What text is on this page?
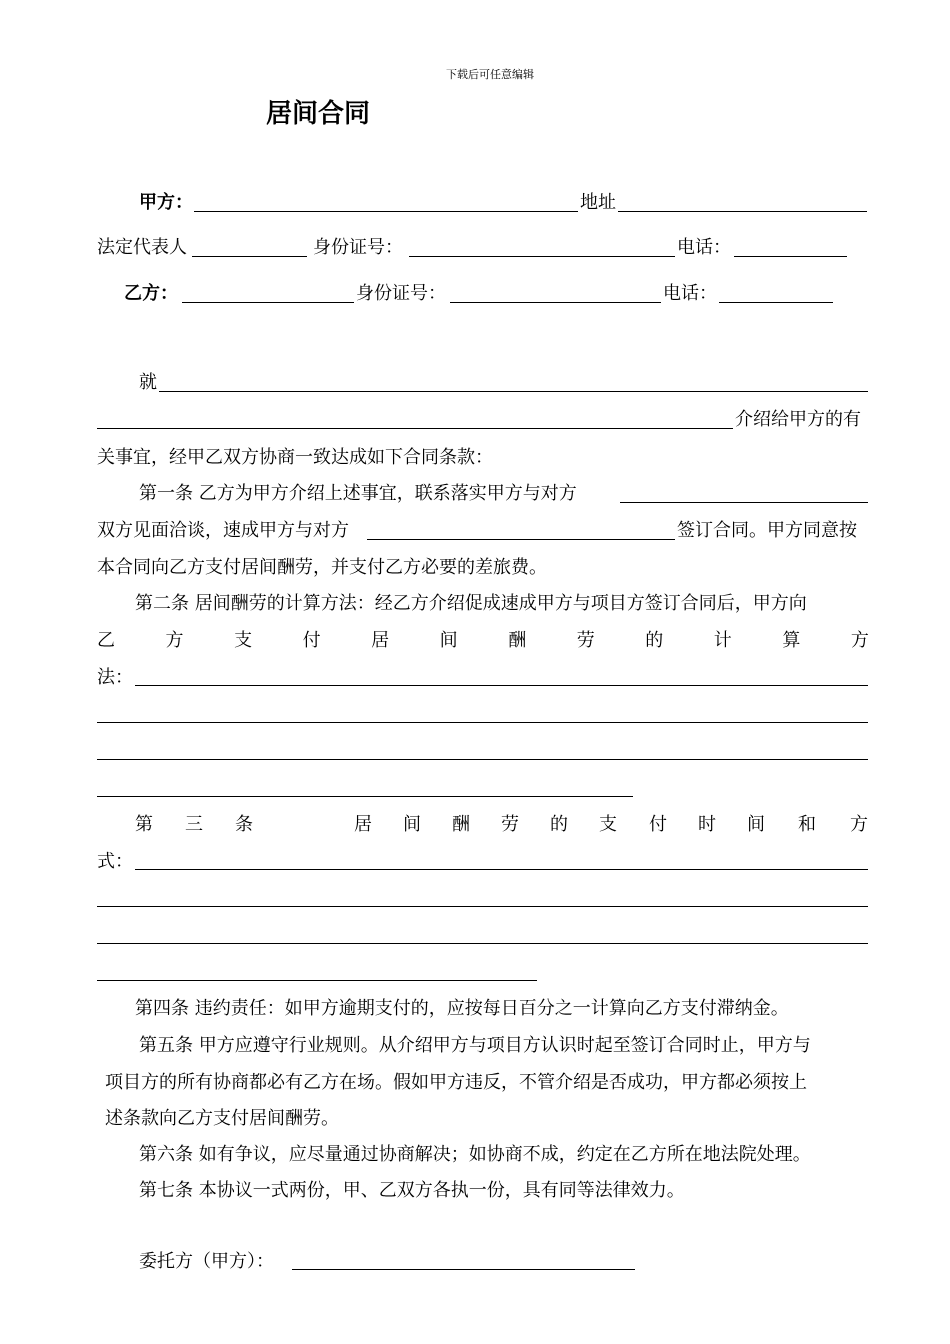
下载后可任意编辑
居间合同
甲方：	地址
法定代表人	身份证号：	电话：
乙方：	身份证号：	电话：
就
介绍给甲方的有
关事宜，经甲乙双方协商一致达成如下合同条款：
第一条 乙方为甲方介绍上述事宜，联系落实甲方与对方
双方见面洽谈，速成甲方与对方	签订合同。甲方同意按
本合同向乙方支付居间酬劳，并支付乙方必要的差旅费。
第二条 居间酬劳的计算方法：经乙方介绍促成速成甲方与项目方签订合同后，甲方向
乙	方	支	付	居	间	酬	劳	的	计	算	方
法：
第 三 条	居 间 酬 劳 的 支 付 时 间 和 方
式：
第四条 违约责任：如甲方逾期支付的，应按每日百分之一计算向乙方支付滞纳金。
第五条 甲方应遵守行业规则。从介绍甲方与项目方认识时起至签订合同时止，甲方与
项目方的所有协商都必有乙方在场。假如甲方违反，不管介绍是否成功，甲方都必须按上
述条款向乙方支付居间酬劳。
第六条 如有争议，应尽量通过协商解决；如协商不成，约定在乙方所在地法院处理。
第七条 本协议一式两份，甲、乙双方各执一份，具有同等法律效力。
委托方（甲方）：
